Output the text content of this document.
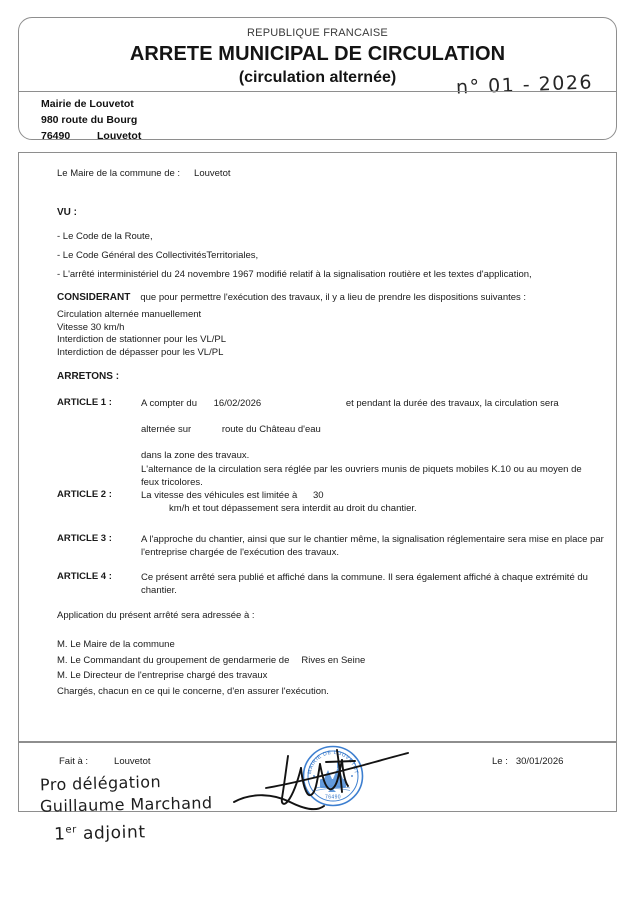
REPUBLIQUE FRANCAISE
ARRETE MUNICIPAL DE CIRCULATION
(circulation alternée)	n° 01 - 2026
Mairie de Louvetot
980 route du Bourg
76490	Louvetot
Le Maire de la commune de : Louvetot
VU :
- Le Code de la Route,
- Le Code Général des CollectivitésTerritoriales,
- L'arrêté interministériel du 24 novembre 1967 modifié relatif à la signalisation routière et les textes d'application,
CONSIDERANT que pour permettre l'exécution des travaux, il y a lieu de prendre les dispositions suivantes :
Circulation alternée manuellement
Vitesse 30 km/h
Interdiction de stationner pour les VL/PL
Interdiction de dépasser pour les VL/PL
ARRETONS :
ARTICLE 1 :	A compter du 16/02/2026	et pendant la durée des travaux, la circulation sera
alternée sur	route du Château d'eau
dans la zone des travaux.
L'alternance de la circulation sera réglée par les ouvriers munis de piquets mobiles K.10 ou au moyen de feux tricolores.
ARTICLE 2 :	La vitesse des véhicules est limitée à 30 km/h et tout dépassement sera interdit au droit du chantier.
ARTICLE 3 :	A l'approche du chantier, ainsi que sur le chantier même, la signalisation réglementaire sera mise en place par l'entreprise chargée de l'exécution des travaux.
ARTICLE 4 :	Ce présent arrêté sera publié et affiché dans la commune. Il sera également affiché à chaque extrémité du chantier.
Application du présent arrêté sera adressée à :
M. Le Maire de la commune
M. Le Commandant du groupement de gendarmerie de Rives en Seine
M. Le Directeur de l'entreprise chargé des travaux
Chargés, chacun en ce qui le concerne, d'en assurer l'exécution.
Fait à :	Louvetot	Le : 30/01/2026
MAIRIE DE LOUVETOT
76490
Pro délégation
Guillaume Marchand
1er adjoint
